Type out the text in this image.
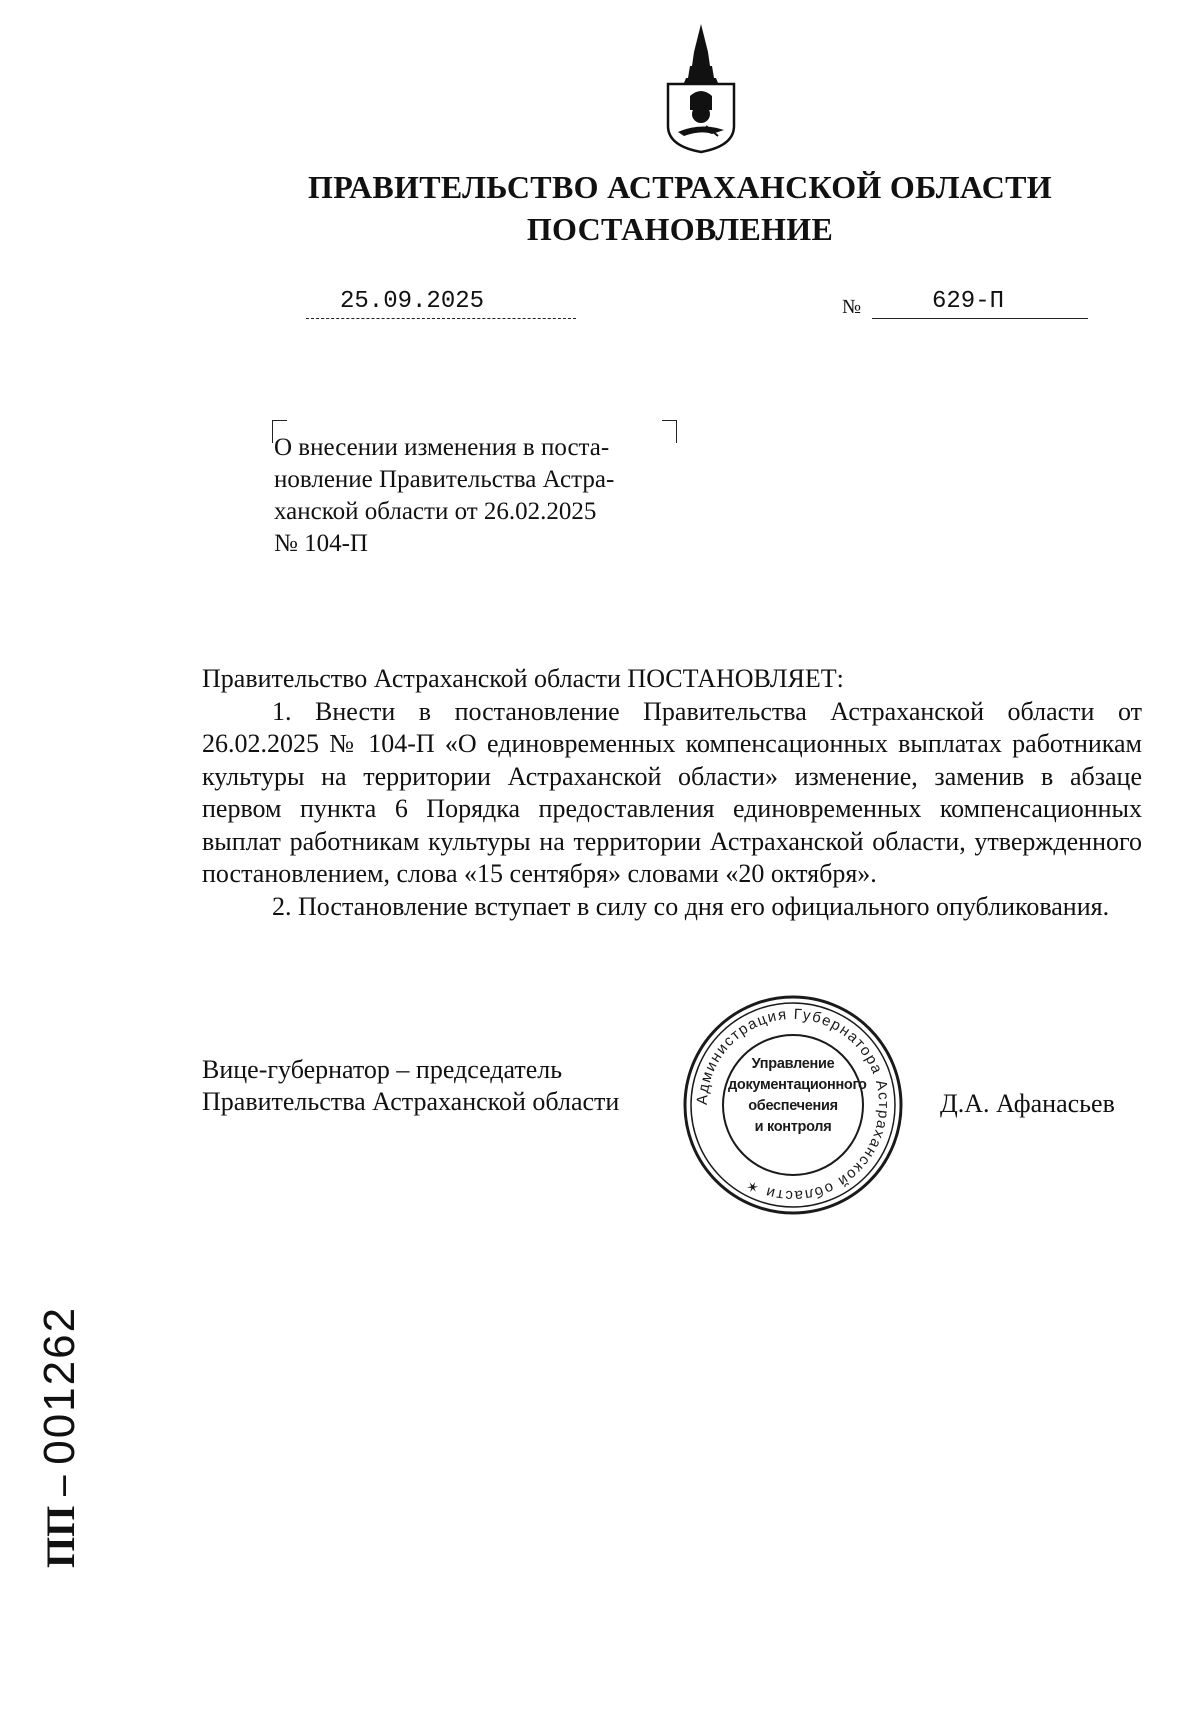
ПРАВИТЕЛЬСТВО АСТРАХАНСКОЙ ОБЛАСТИ
ПОСТАНОВЛЕНИЕ
25.09.2025	№	629-П
О внесении изменения в поста-
новление Правительства Астра-
ханской области от 26.02.2025
№ 104-П

Правительство Астраханской области ПОСТАНОВЛЯЕТ:

1. Внести в постановление Правительства Астраханской области от 26.02.2025 № 104-П «О единовременных компенсационных выплатах работникам культуры на территории Астраханской области» изменение, заменив в абзаце первом пункта 6 Порядка предоставления единовременных компенсационных выплат работникам культуры на территории Астраханской области, утвержденного постановлением, слова «15 сентября» словами «20 октября».

2. Постановление вступает в силу со дня его официального опубликования.

Вице-губернатор – председатель
Правительства Астраханской области	Д.А. Афанасьев
Администрация Губернатора Астраханской области ✶
Управление
документационного
обеспечения
и контроля
ПП – 001262
